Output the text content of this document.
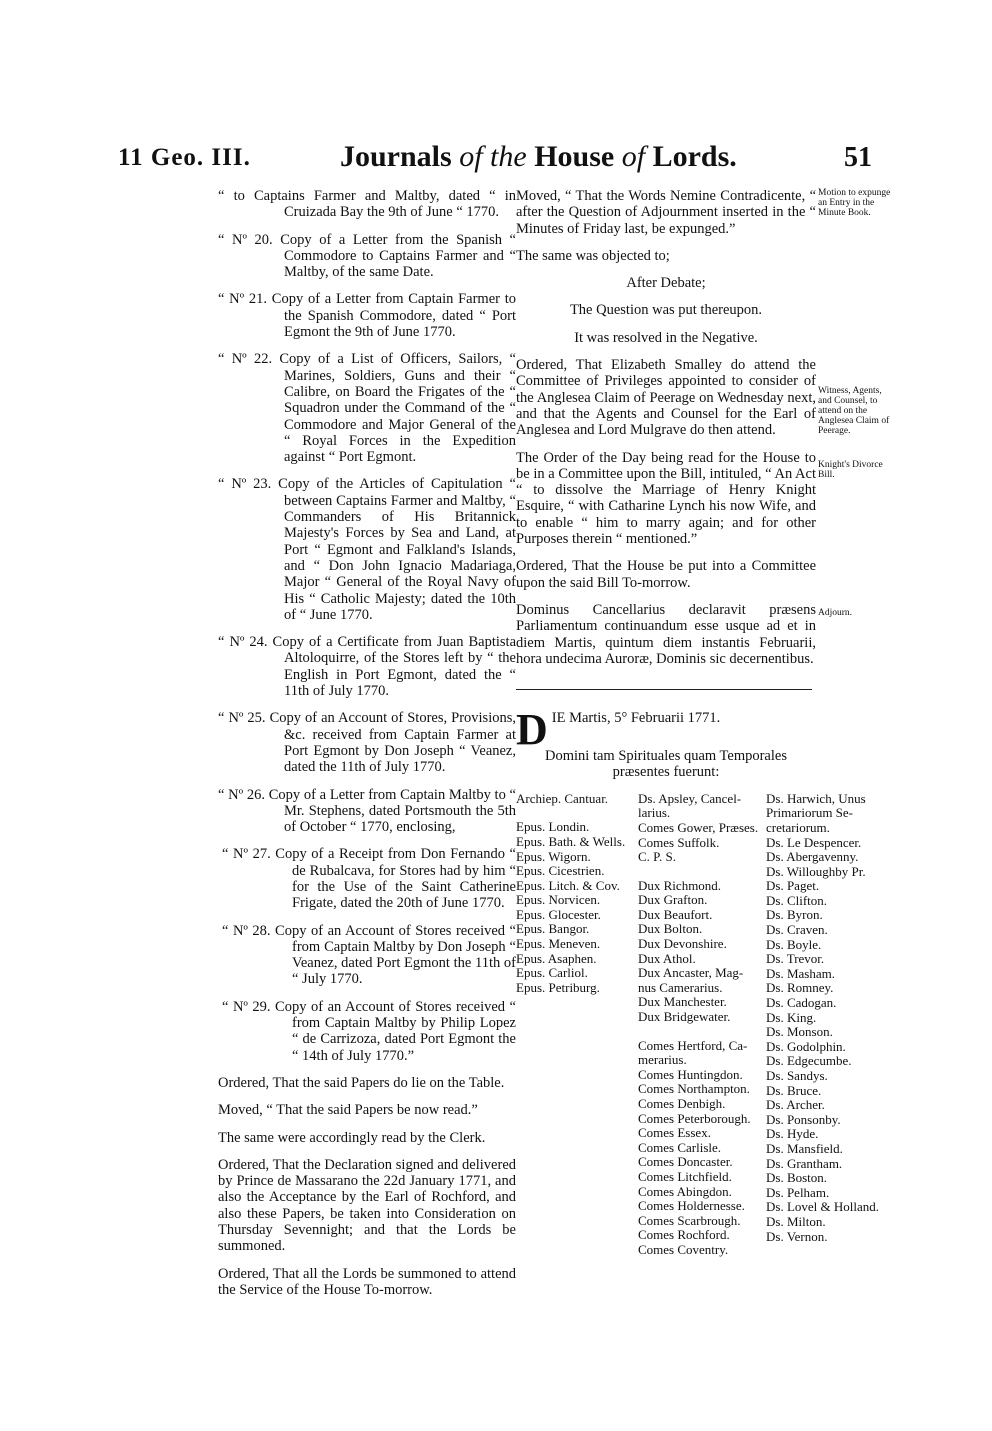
11 Geo. III.	Journals of the House of Lords.	51

“ to Captains Farmer and Maltby, dated “ in Cruizada Bay the 9th of June “ 1770.

“ Nº 20. Copy of a Letter from the Spanish “ Commodore to Captains Farmer and “ Maltby, of the same Date.

“ Nº 21. Copy of a Letter from Captain Farmer to the Spanish Commodore, dated “ Port Egmont the 9th of June 1770.

“ Nº 22. Copy of a List of Officers, Sailors, “ Marines, Soldiers, Guns and their “ Calibre, on Board the Frigates of the “ Squadron under the Command of the “ Commodore and Major General of the “ Royal Forces in the Expedition against “ Port Egmont.

“ Nº 23. Copy of the Articles of Capitulation “ between Captains Farmer and Maltby, “ Commanders of His Britannick Majesty's Forces by Sea and Land, at Port “ Egmont and Falkland's Islands, and “ Don John Ignacio Madariaga, Major “ General of the Royal Navy of His “ Catholic Majesty; dated the 10th of “ June 1770.

“ Nº 24. Copy of a Certificate from Juan Baptista Altoloquirre, of the Stores left by “ the English in Port Egmont, dated the “ 11th of July 1770.

“ Nº 25. Copy of an Account of Stores, Provisions, &c. received from Captain Farmer at Port Egmont by Don Joseph “ Veanez, dated the 11th of July 1770.

“ Nº 26. Copy of a Letter from Captain Maltby to “ Mr. Stephens, dated Portsmouth the 5th of October “ 1770, enclosing,

“ Nº 27. Copy of a Receipt from Don Fernando “ de Rubalcava, for Stores had by him “ for the Use of the Saint Catherine Frigate, dated the 20th of June 1770.

“ Nº 28. Copy of an Account of Stores received “ from Captain Maltby by Don Joseph “ Veanez, dated Port Egmont the 11th of “ July 1770.

“ Nº 29. Copy of an Account of Stores received “ from Captain Maltby by Philip Lopez “ de Carrizoza, dated Port Egmont the “ 14th of July 1770.”

Ordered, That the said Papers do lie on the Table.

Moved, “ That the said Papers be now read.”

The same were accordingly read by the Clerk.

Ordered, That the Declaration signed and delivered by Prince de Massarano the 22d January 1771, and also the Acceptance by the Earl of Rochford, and also these Papers, be taken into Consideration on Thursday Sevennight; and that the Lords be summoned.

Ordered, That all the Lords be summoned to attend the Service of the House To-morrow.

Moved, “ That the Words Nemine Contradicente, “ after the Question of Adjournment inserted in the “ Minutes of Friday last, be expunged.”

The same was objected to;

After Debate;

The Question was put thereupon.

It was resolved in the Negative.

Ordered, That Elizabeth Smalley do attend the Committee of Privileges appointed to consider of the Anglesea Claim of Peerage on Wednesday next, and that the Agents and Counsel for the Earl of Anglesea and Lord Mulgrave do then attend.

The Order of the Day being read for the House to be in a Committee upon the Bill, intituled, “ An Act “ to dissolve the Marriage of Henry Knight Esquire, “ with Catharine Lynch his now Wife, and to enable “ him to marry again; and for other Purposes therein “ mentioned.”

Ordered, That the House be put into a Committee upon the said Bill To-morrow.

Dominus Cancellarius declaravit præsens Parliamentum continuandum esse usque ad et in diem Martis, quintum diem instantis Februarii, hora undecima Auroræ, Dominis sic decernentibus.

DIE Martis, 5° Februarii 1771.

Domini tam Spirituales quam Temporales præsentes fuerunt:

Archiep. Cantuar.
Epus. Londin.
Epus. Bath. & Wells.
Epus. Wigorn.
Epus. Cicestrien.
Epus. Litch. & Cov.
Epus. Norvicen.
Epus. Glocester.
Epus. Bangor.
Epus. Meneven.
Epus. Asaphen.
Epus. Carliol.
Epus. Petriburg.
Ds. Apsley, Cancel-
larius.
Comes Gower, Præses.
Comes Suffolk.
C. P. S.
Dux Richmond.
Dux Grafton.
Dux Beaufort.
Dux Bolton.
Dux Devonshire.
Dux Athol.
Dux Ancaster, Mag-
nus Camerarius.
Dux Manchester.
Dux Bridgewater.
Comes Hertford, Ca-
merarius.
Comes Huntingdon.
Comes Northampton.
Comes Denbigh.
Comes Peterborough.
Comes Essex.
Comes Carlisle.
Comes Doncaster.
Comes Litchfield.
Comes Abingdon.
Comes Holdernesse.
Comes Scarbrough.
Comes Rochford.
Comes Coventry.
Ds. Harwich, Unus
Primariorum Se-
cretariorum.
Ds. Le Despencer.
Ds. Abergavenny.
Ds. Willoughby Pr.
Ds. Paget.
Ds. Clifton.
Ds. Byron.
Ds. Craven.
Ds. Boyle.
Ds. Trevor.
Ds. Masham.
Ds. Romney.
Ds. Cadogan.
Ds. King.
Ds. Monson.
Ds. Godolphin.
Ds. Edgecumbe.
Ds. Sandys.
Ds. Bruce.
Ds. Archer.
Ds. Ponsonby.
Ds. Hyde.
Ds. Mansfield.
Ds. Grantham.
Ds. Boston.
Ds. Pelham.
Ds. Lovel & Holland.
Ds. Milton.
Ds. Vernon.
Motion to expunge an Entry in the Minute Book.
Witness, Agents, and Counsel, to attend on the Anglesea Claim of Peerage.
Knight's Divorce Bill.
Adjourn.
